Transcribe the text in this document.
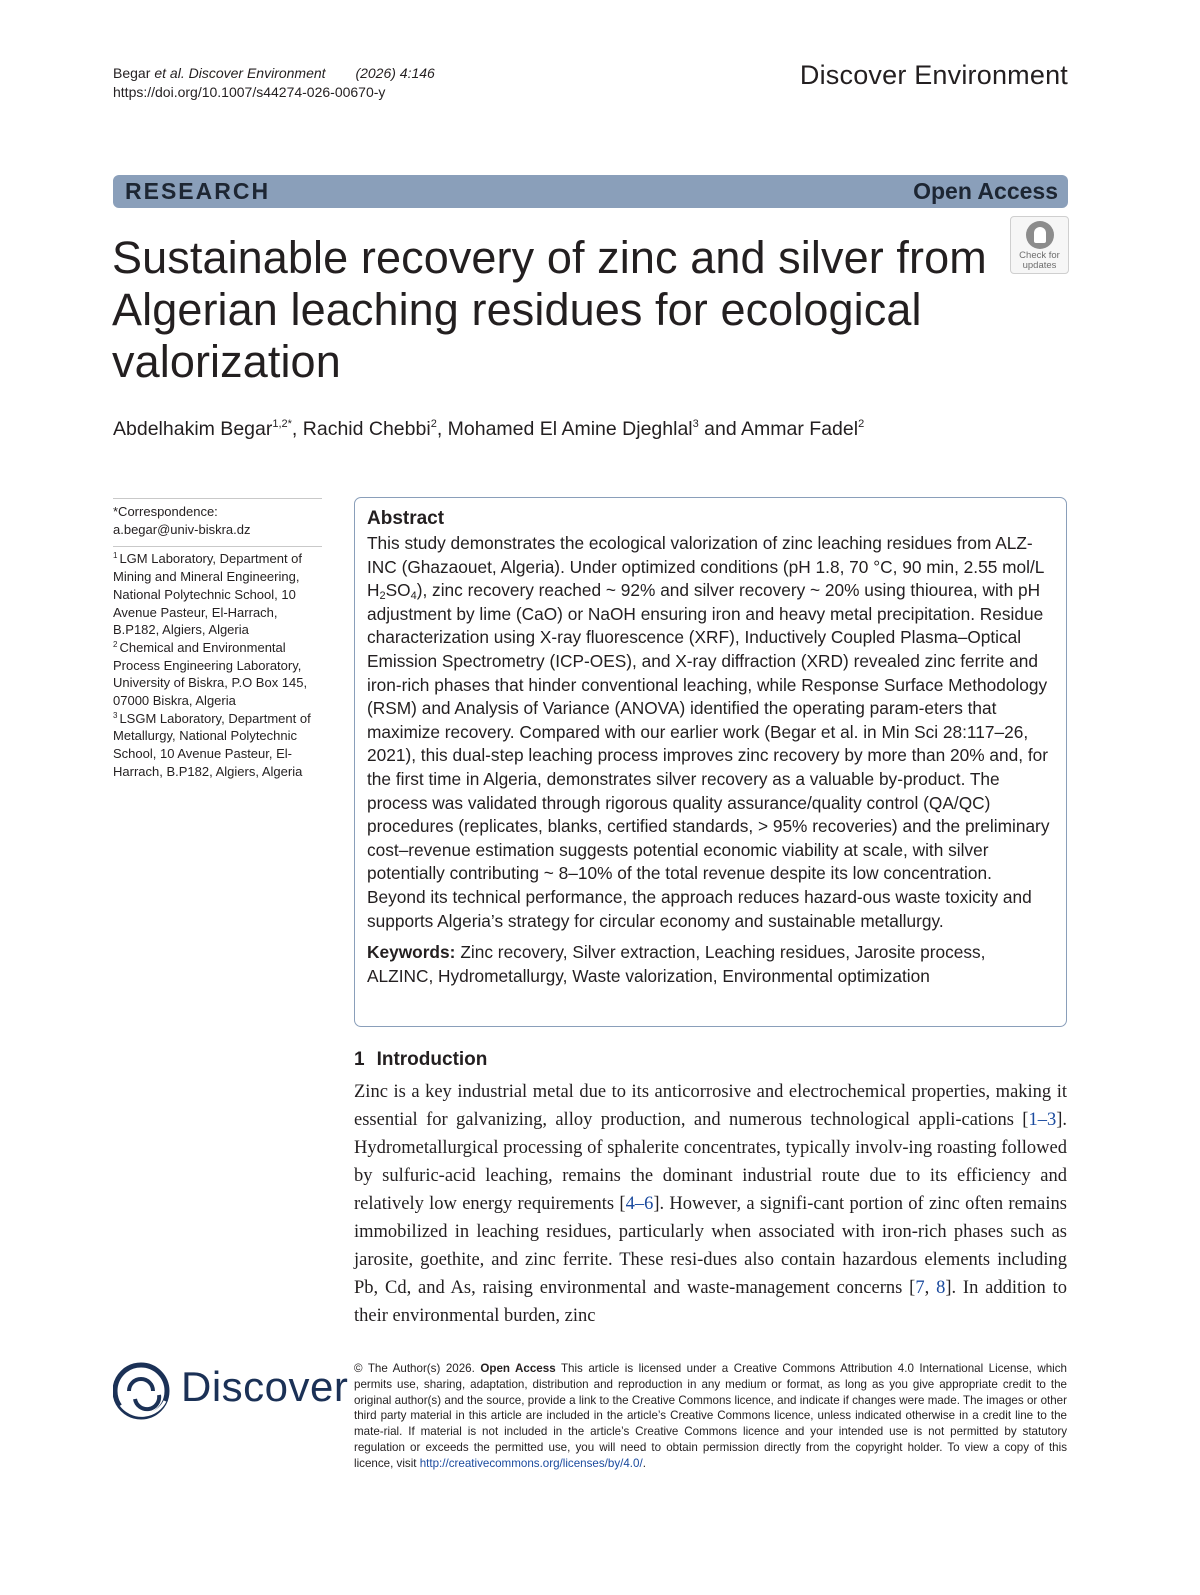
Begar et al. Discover Environment (2026) 4:146
https://doi.org/10.1007/s44274-026-00670-y
Discover Environment
RESEARCH	Open Access
Check for
updates
Sustainable recovery of zinc and silver from Algerian leaching residues for ecological valorization
Abdelhakim Begar$^{1,2*}$, Rachid Chebbi$^2$, Mohamed El Amine Djeghlal$^3$ and Ammar Fadel$^2$
*Correspondence:
a.begar@univ-biskra.dz
$^1$ LGM Laboratory, Department of Mining and Mineral Engineering, National Polytechnic School, 10 Avenue Pasteur, El-Harrach, B.P182, Algiers, Algeria
$^2$ Chemical and Environmental Process Engineering Laboratory, University of Biskra, P.O Box 145, 07000 Biskra, Algeria
$^3$ LSGM Laboratory, Department of Metallurgy, National Polytechnic School, 10 Avenue Pasteur, El-Harrach, B.P182, Algiers, Algeria
Abstract
This study demonstrates the ecological valorization of zinc leaching residues from ALZ-INC (Ghazaouet, Algeria). Under optimized conditions (pH 1.8, 70 °C, 90 min, 2.55 mol/L $H_2SO_4$), zinc recovery reached ~ 92% and silver recovery ~ 20% using thiourea, with pH adjustment by lime (CaO) or NaOH ensuring iron and heavy metal precipitation. Residue characterization using X-ray fluorescence (XRF), Inductively Coupled Plasma–Optical Emission Spectrometry (ICP-OES), and X-ray diffraction (XRD) revealed zinc ferrite and iron-rich phases that hinder conventional leaching, while Response Surface Methodology (RSM) and Analysis of Variance (ANOVA) identified the operating param-eters that maximize recovery. Compared with our earlier work (Begar et al. in Min Sci 28:117–26, 2021), this dual-step leaching process improves zinc recovery by more than 20% and, for the first time in Algeria, demonstrates silver recovery as a valuable by-product. The process was validated through rigorous quality assurance/quality control (QA/QC) procedures (replicates, blanks, certified standards, > 95% recoveries) and the preliminary cost–revenue estimation suggests potential economic viability at scale, with silver potentially contributing ~ 8–10% of the total revenue despite its low concentration. Beyond its technical performance, the approach reduces hazard-ous waste toxicity and supports Algeria’s strategy for circular economy and sustainable metallurgy.
Keywords: Zinc recovery, Silver extraction, Leaching residues, Jarosite process, ALZINC, Hydrometallurgy, Waste valorization, Environmental optimization
1 Introduction

Zinc is a key industrial metal due to its anticorrosive and electrochemical properties, making it essential for galvanizing, alloy production, and numerous technological appli-cations [1–3]. Hydrometallurgical processing of sphalerite concentrates, typically involv-ing roasting followed by sulfuric-acid leaching, remains the dominant industrial route due to its efficiency and relatively low energy requirements [4–6]. However, a signifi-cant portion of zinc often remains immobilized in leaching residues, particularly when associated with iron-rich phases such as jarosite, goethite, and zinc ferrite. These resi-dues also contain hazardous elements including Pb, Cd, and As, raising environmental and waste-management concerns [7, 8]. In addition to their environmental burden, zinc

Discover © The Author(s) 2026. Open Access This article is licensed under a Creative Commons Attribution 4.0 International License, which permits use, sharing, adaptation, distribution and reproduction in any medium or format, as long as you give appropriate credit to the original author(s) and the source, provide a link to the Creative Commons licence, and indicate if changes were made. The images or other third party material in this article are included in the article’s Creative Commons licence, unless indicated otherwise in a credit line to the mate-rial. If material is not included in the article’s Creative Commons licence and your intended use is not permitted by statutory regulation or exceeds the permitted use, you will need to obtain permission directly from the copyright holder. To view a copy of this licence, visit http://creativecommons.org/licenses/by/4.0/.
